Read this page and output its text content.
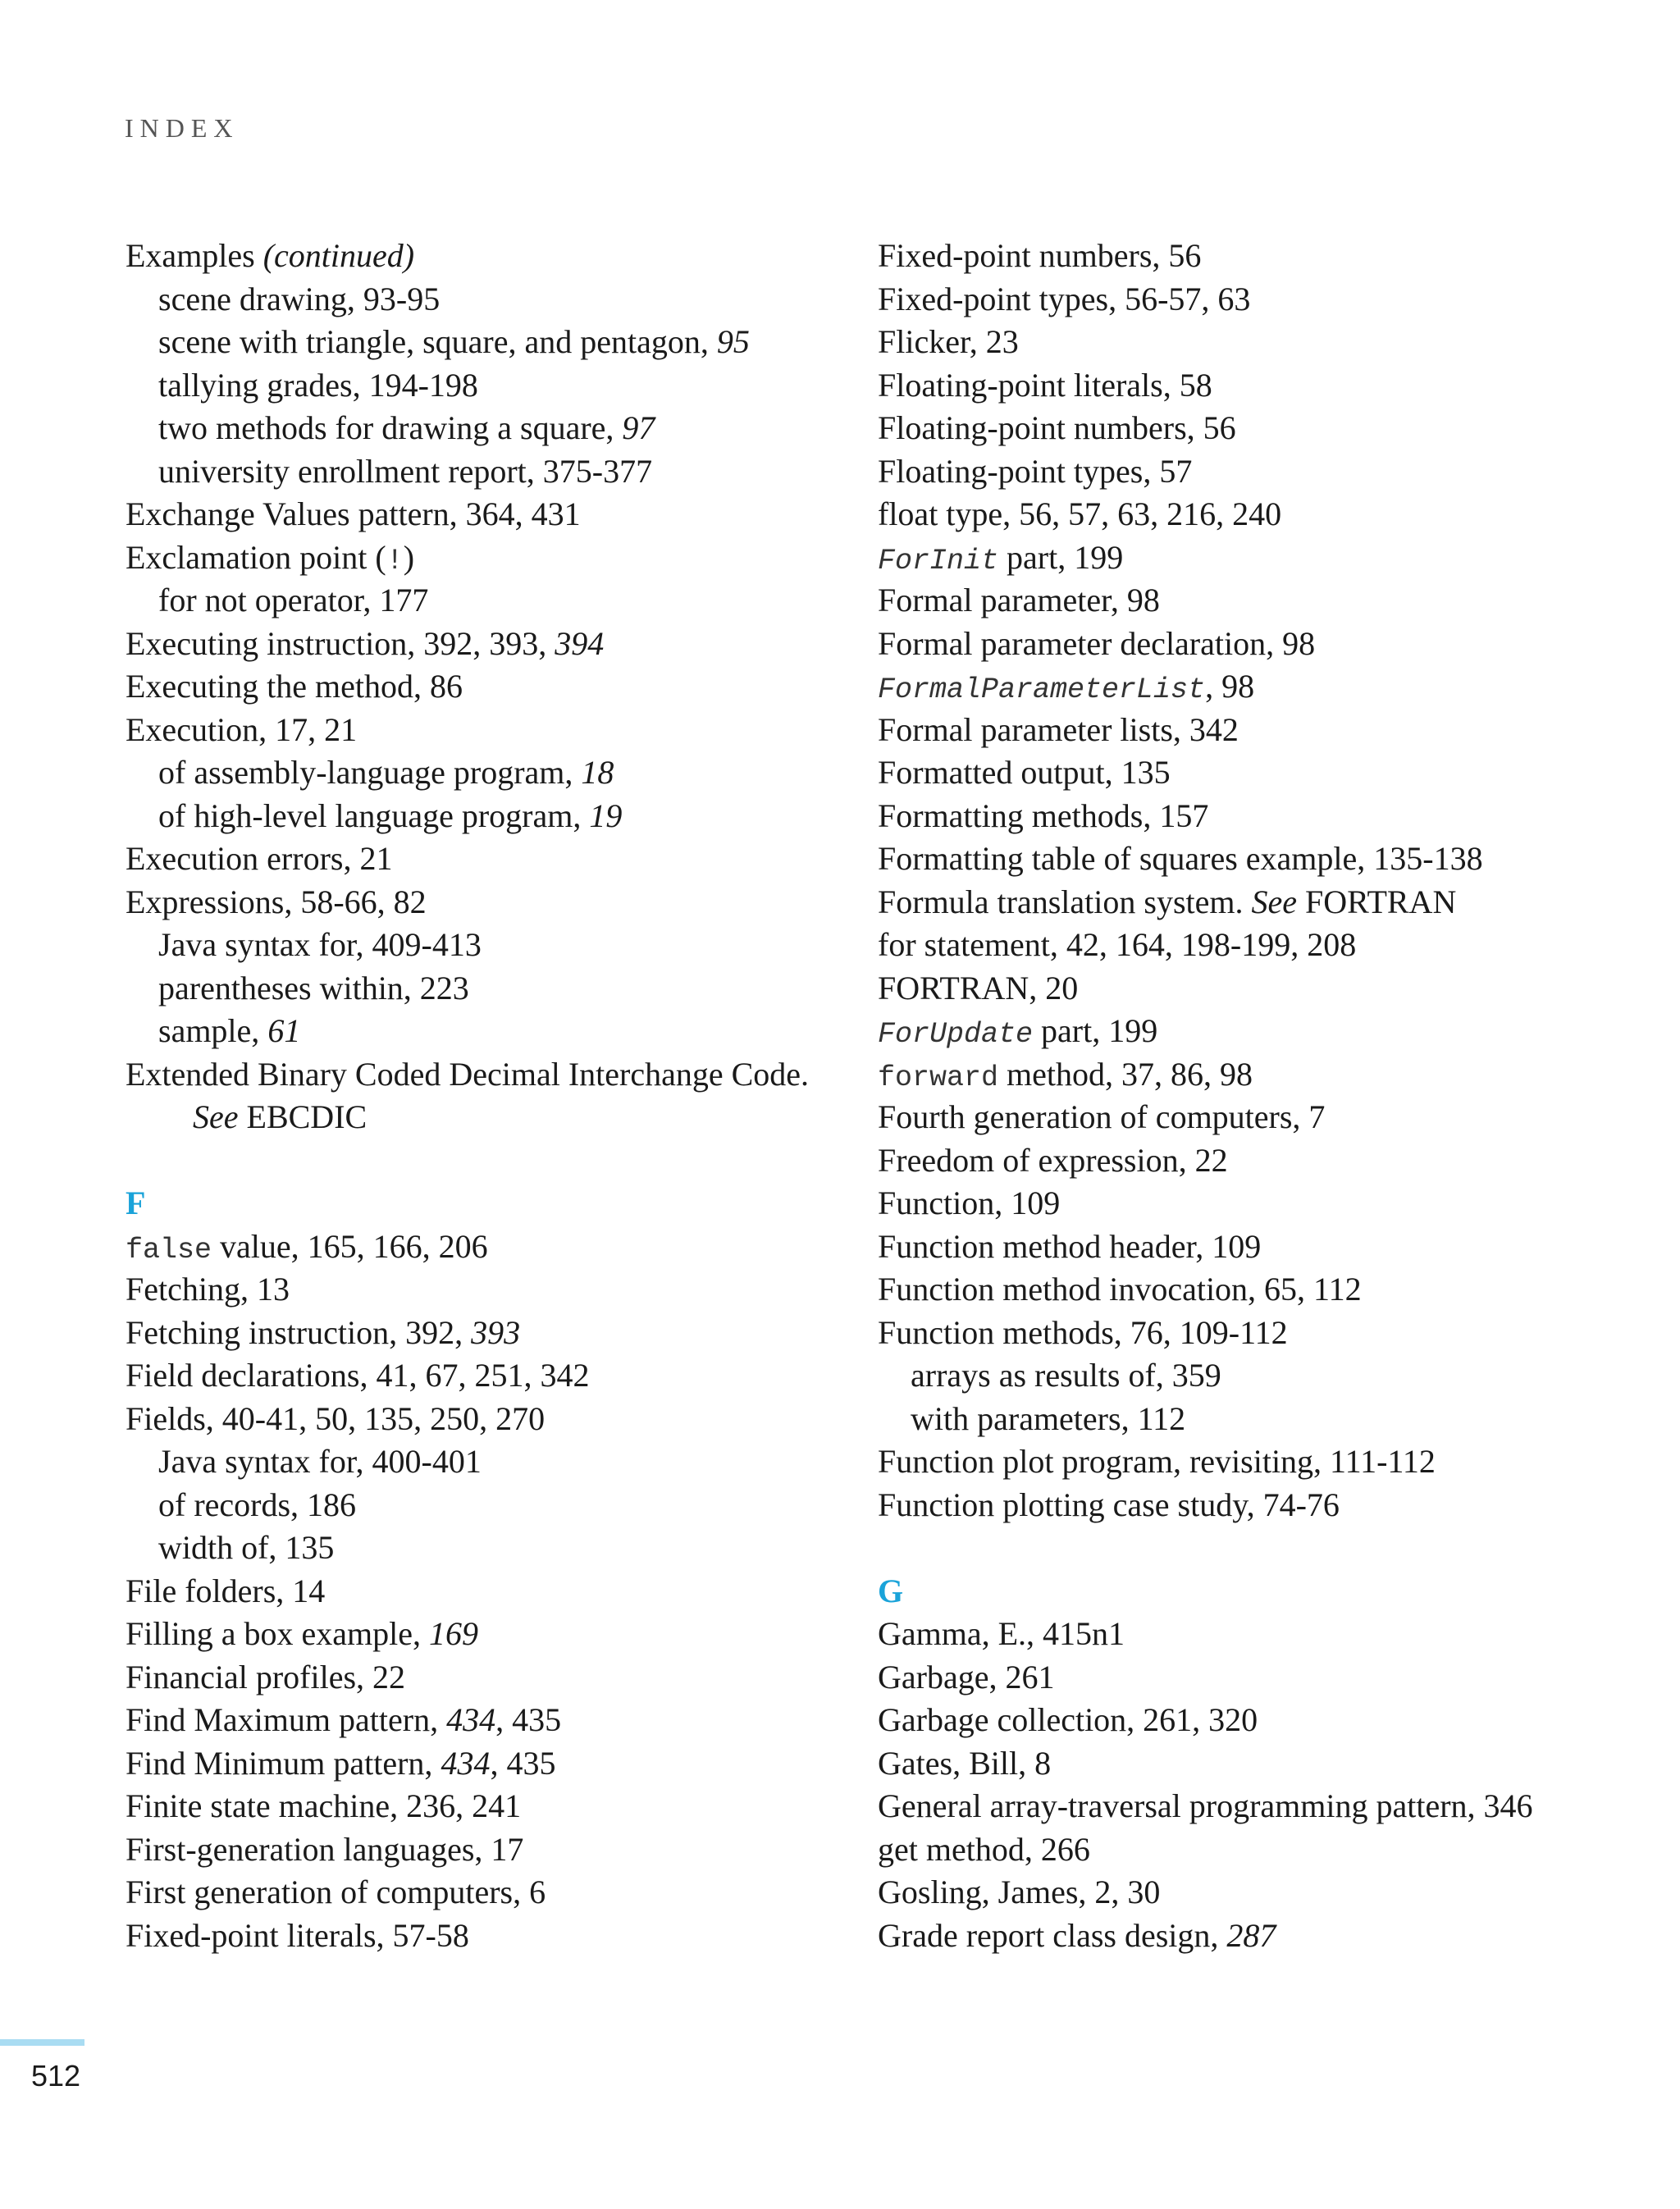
INDEX
Examples (continued)
scene drawing, 93-95
scene with triangle, square, and pentagon, 95
tallying grades, 194-198
two methods for drawing a square, 97
university enrollment report, 375-377
Exchange Values pattern, 364, 431
Exclamation point (!)
for not operator, 177
Executing instruction, 392, 393, 394
Executing the method, 86
Execution, 17, 21
of assembly-language program, 18
of high-level language program, 19
Execution errors, 21
Expressions, 58-66, 82
Java syntax for, 409-413
parentheses within, 223
sample, 61
Extended Binary Coded Decimal Interchange Code.
See EBCDIC
F
false value, 165, 166, 206
Fetching, 13
Fetching instruction, 392, 393
Field declarations, 41, 67, 251, 342
Fields, 40-41, 50, 135, 250, 270
Java syntax for, 400-401
of records, 186
width of, 135
File folders, 14
Filling a box example, 169
Financial profiles, 22
Find Maximum pattern, 434, 435
Find Minimum pattern, 434, 435
Finite state machine, 236, 241
First-generation languages, 17
First generation of computers, 6
Fixed-point literals, 57-58
Fixed-point numbers, 56
Fixed-point types, 56-57, 63
Flicker, 23
Floating-point literals, 58
Floating-point numbers, 56
Floating-point types, 57
float type, 56, 57, 63, 216, 240
ForInit part, 199
Formal parameter, 98
Formal parameter declaration, 98
FormalParameterList, 98
Formal parameter lists, 342
Formatted output, 135
Formatting methods, 157
Formatting table of squares example, 135-138
Formula translation system. See FORTRAN
for statement, 42, 164, 198-199, 208
FORTRAN, 20
ForUpdate part, 199
forward method, 37, 86, 98
Fourth generation of computers, 7
Freedom of expression, 22
Function, 109
Function method header, 109
Function method invocation, 65, 112
Function methods, 76, 109-112
arrays as results of, 359
with parameters, 112
Function plot program, revisiting, 111-112
Function plotting case study, 74-76
G
Gamma, E., 415n1
Garbage, 261
Garbage collection, 261, 320
Gates, Bill, 8
General array-traversal programming pattern, 346
get method, 266
Gosling, James, 2, 30
Grade report class design, 287
512
